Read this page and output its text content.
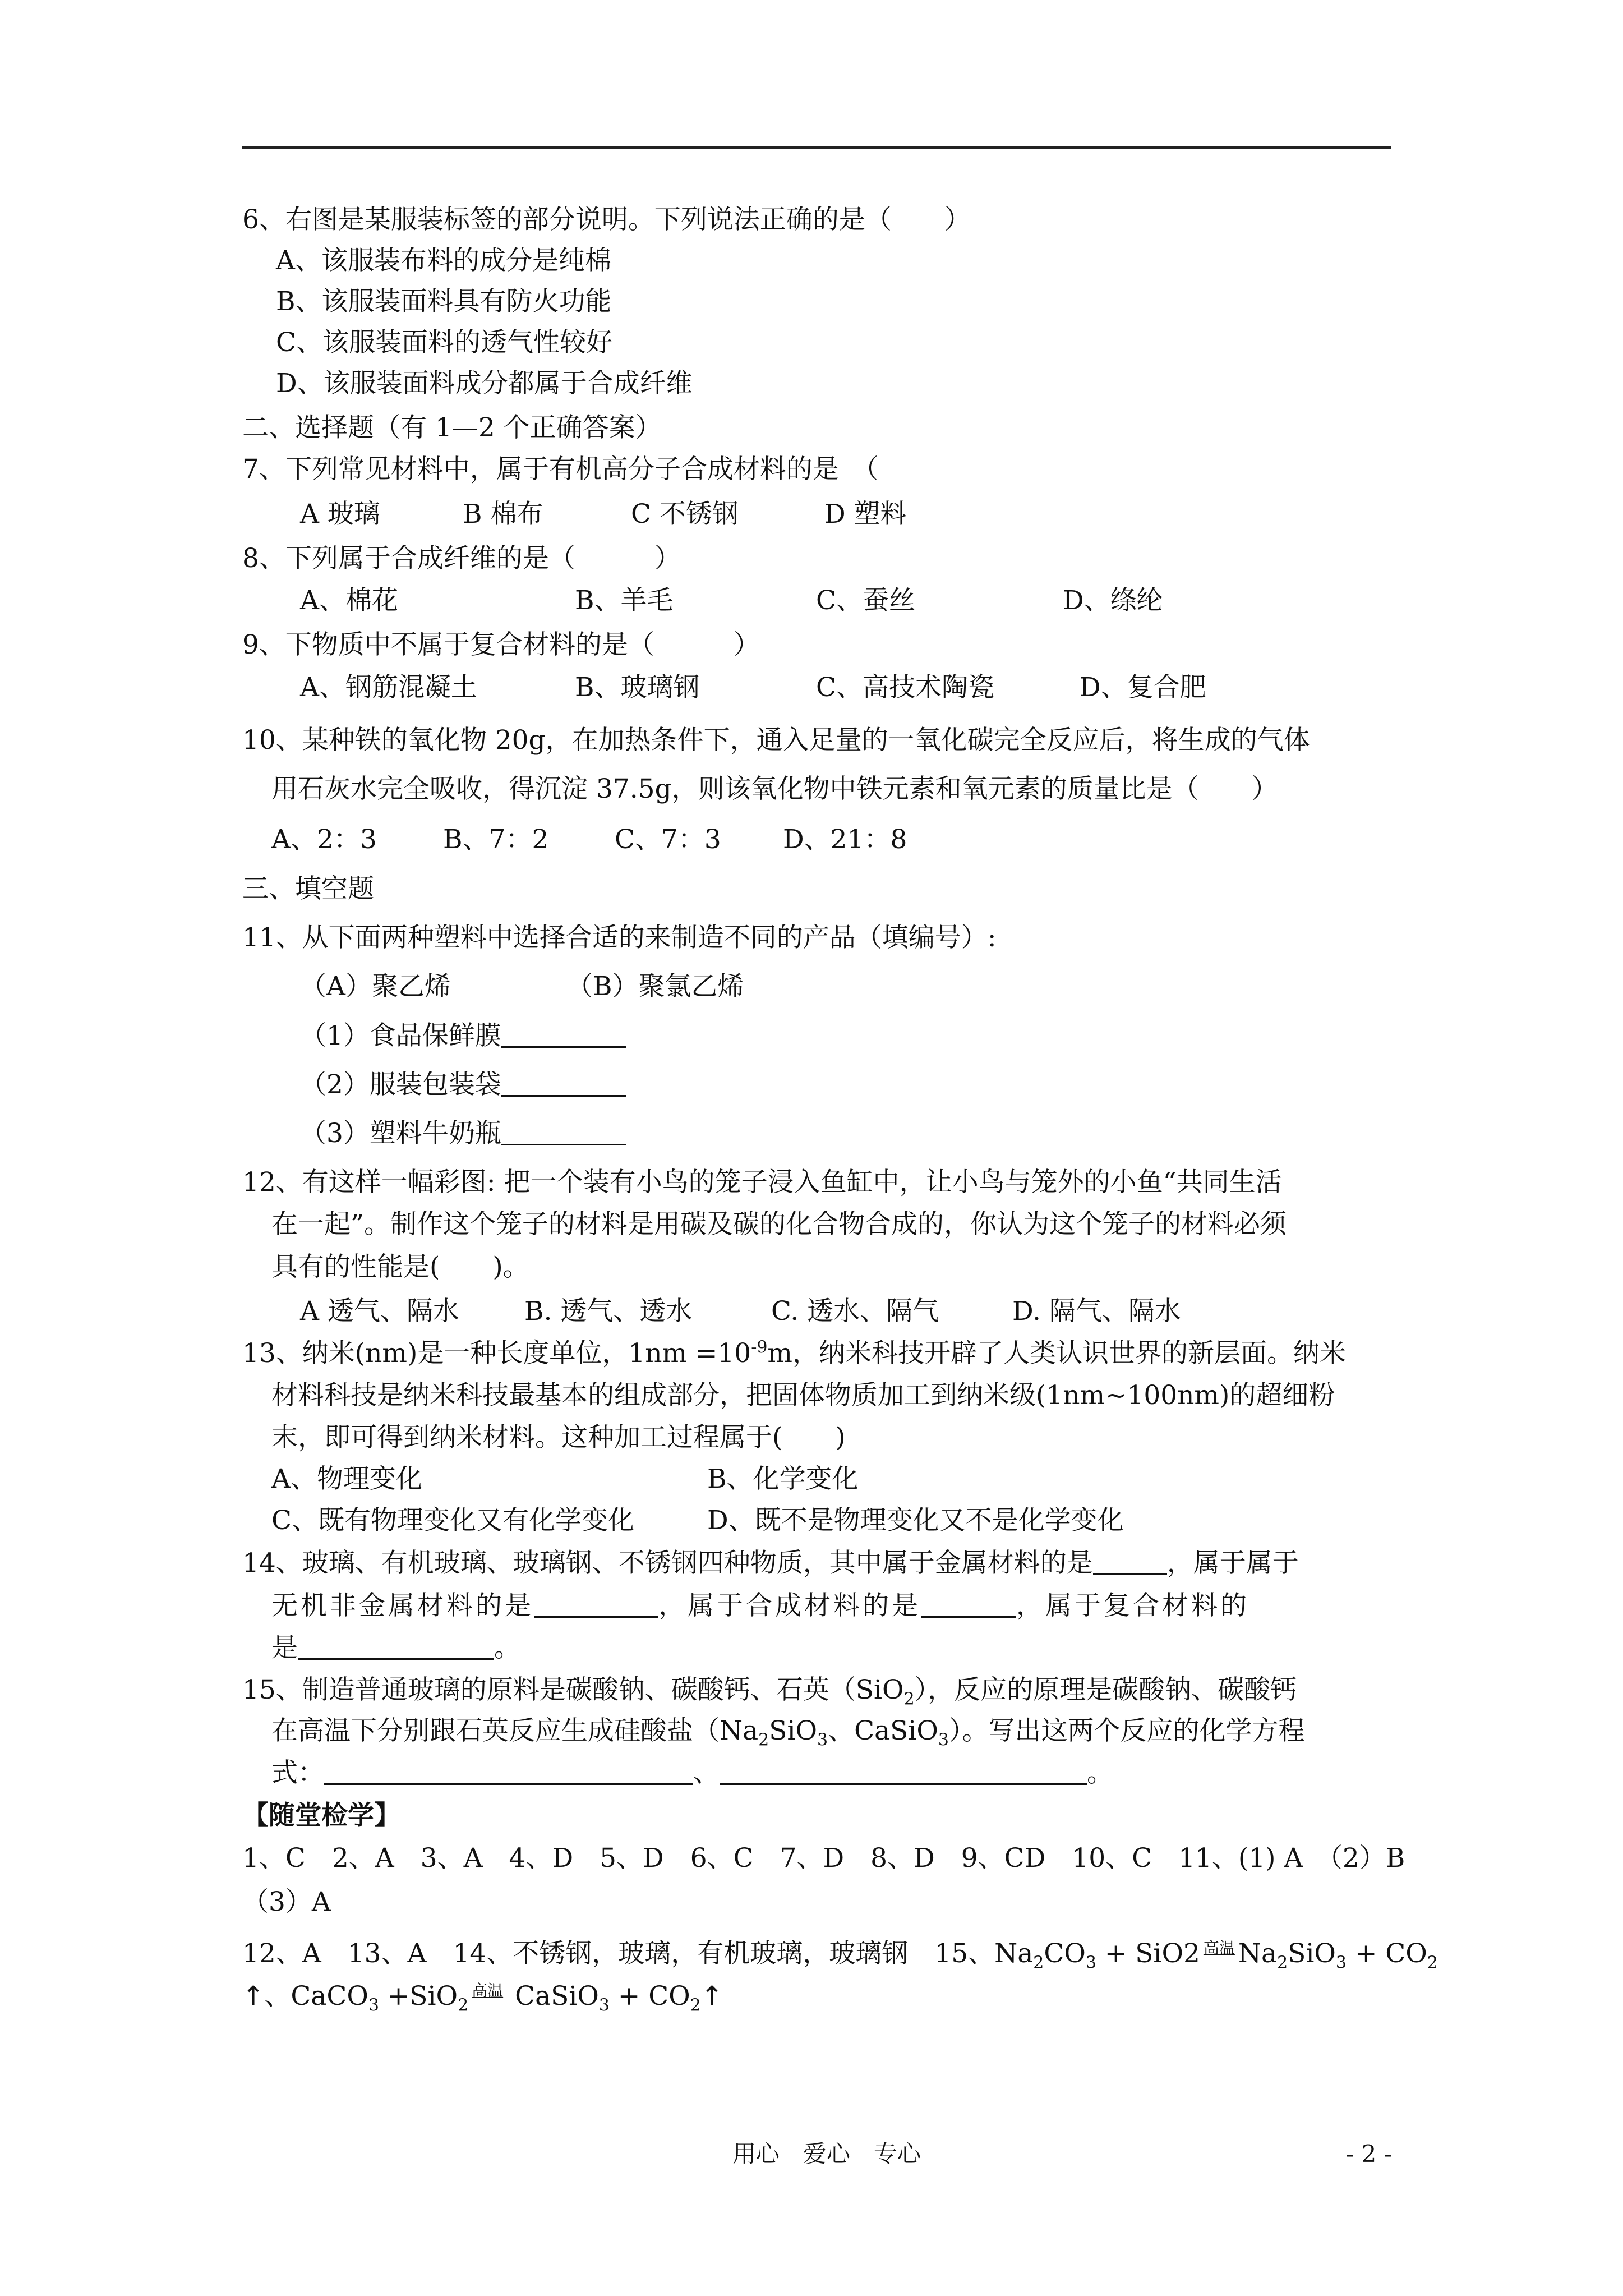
6、右图是某服装标签的部分说明。下列说法正确的是（　　）
A、该服装布料的成分是纯棉
B、该服装面料具有防火功能
C、该服装面料的透气性较好
D、该服装面料成分都属于合成纤维
二、选择题（有 1—2 个正确答案）
7、下列常见材料中，属于有机高分子合成材料的是　（
A 玻璃	B 棉布	C 不锈钢	D 塑料
8、下列属于合成纤维的是（　　　）
A、棉花	B、羊毛	C、蚕丝	D、绦纶
9、下物质中不属于复合材料的是（　　　）
A、钢筋混凝土	B、玻璃钢	C、高技术陶瓷	D、复合肥
10、某种铁的氧化物 20g，在加热条件下，通入足量的一氧化碳完全反应后，将生成的气体
用石灰水完全吸收，得沉淀 37.5g，则该氧化物中铁元素和氧元素的质量比是（　　）
A、2：3	B、7：2	C、7：3 D、21：8
三、填空题
11、从下面两种塑料中选择合适的来制造不同的产品（填编号）:
（A）聚乙烯	（B）聚氯乙烯
（1）食品保鲜膜
（2）服装包装袋
（3）塑料牛奶瓶
12、有这样一幅彩图: 把一个装有小鸟的笼子浸入鱼缸中，让小鸟与笼外的小鱼“共同生活
在一起”。制作这个笼子的材料是用碳及碳的化合物合成的，你认为这个笼子的材料必须
具有的性能是(　　)。
A 透气、隔水 B. 透气、透水	C. 透水、隔气	D. 隔气、隔水
13、纳米(nm)是一种长度单位，$1nm =10^{-9}m$，纳米科技开辟了人类认识世界的新层面。纳米
材料科技是纳米科技最基本的组成部分，把固体物质加工到纳米级(1nm~100nm)的超细粉
末，即可得到纳米材料。这种加工过程属于(　　)
A、物理变化	B、化学变化
C、既有物理变化又有化学变化	D、既不是物理变化又不是化学变化
14、玻璃、有机玻璃、玻璃钢、不锈钢四种物质，其中属于金属材料的是	，属于属于
无机非金属材料的是	，属于合成材料的是	，属于复合材料的
是	。
15、制造普通玻璃的原料是碳酸钠、碳酸钙、石英（SiO$_2$），反应的原理是碳酸钠、碳酸钙
在高温下分别跟石英反应生成硅酸盐（$Na_2SiO_3$、CaSiO$_3$）。写出这两个反应的化学方程
式：	、	。
【随堂检学】
1、C　2、A　3、A　4、D　5、D　6、C　7、D　8、D　9、CD　10、C　11、(1) A　（2）B
（3）A
12、A　13、A　14、不锈钢，玻璃，有机玻璃，玻璃钢　15、$Na_2CO_3 + SiO2$ 高温 $Na_2SiO_3 + CO_2$
↑、CaCO$_3$ +SiO$_2$高温 CaSiO$_3$ + $CO_2↑$
用心　爱心　专心	- 2 -
